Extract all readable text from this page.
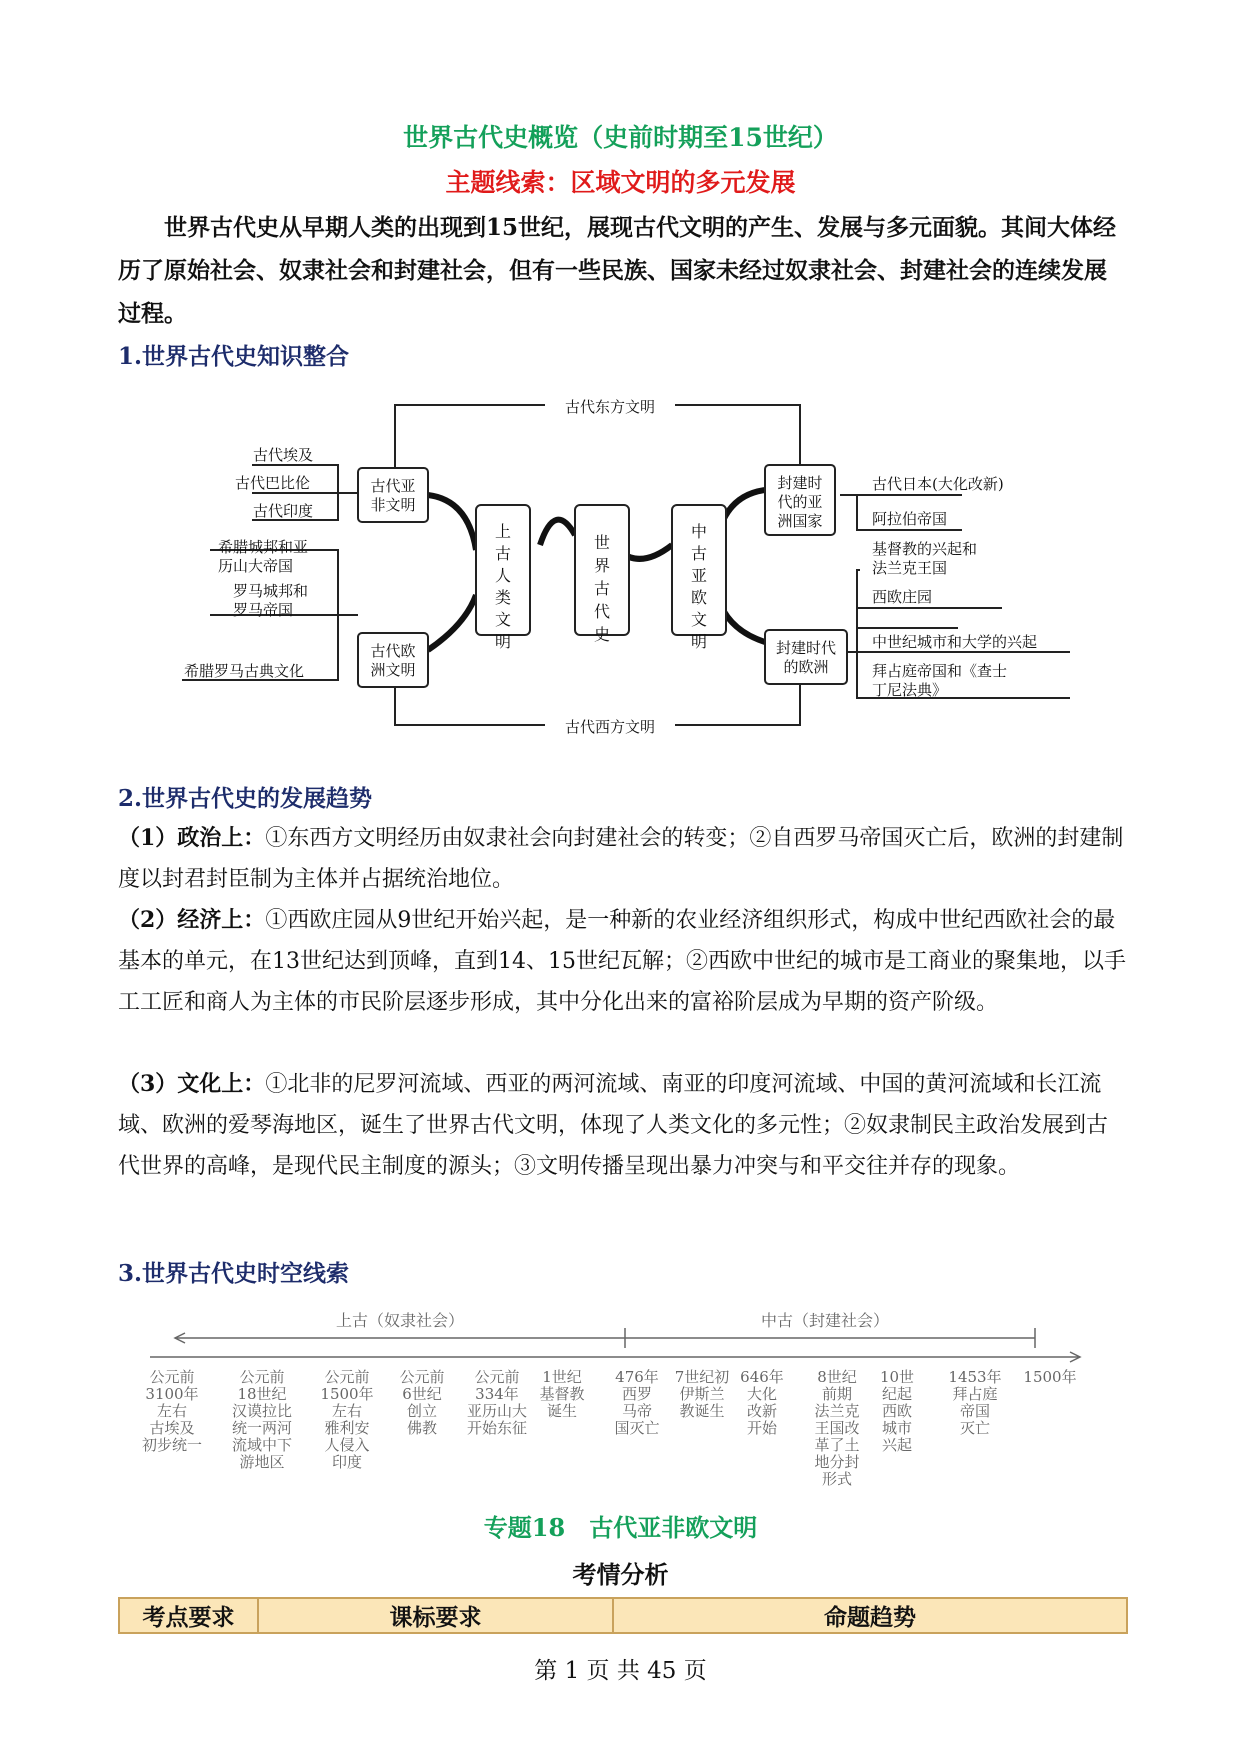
世界古代史概览（史前时期至15世纪）
主题线索：区域文明的多元发展
世界古代史从早期人类的出现到15世纪，展现古代文明的产生、发展与多元面貌。其间大体经历了原始社会、奴隶社会和封建社会，但有一些民族、国家未经过奴隶社会、封建社会的连续发展过程。
1.世界古代史知识整合
古代东方文明
古代西方文明
古代亚
非文明
古代欧
洲文明
封建时
代的亚
洲国家
封建时代
的欧洲
古代埃及
古代巴比伦
古代印度
希腊城邦和亚
历山大帝国
罗马城邦和
罗马帝国
希腊罗马古典文化
古代日本(大化改新)
阿拉伯帝国
基督教的兴起和
法兰克王国
西欧庄园
中世纪城市和大学的兴起
拜占庭帝国和《查士
丁尼法典》
上
古
人
类
文
明
世
界
古
代
史
中
古
亚
欧
文
明
2.世界古代史的发展趋势
（1）政治上：①东西方文明经历由奴隶社会向封建社会的转变；②自西罗马帝国灭亡后，欧洲的封建制度以封君封臣制为主体并占据统治地位。
（2）经济上：①西欧庄园从9世纪开始兴起，是一种新的农业经济组织形式，构成中世纪西欧社会的最基本的单元，在13世纪达到顶峰，直到14、15世纪瓦解；②西欧中世纪的城市是工商业的聚集地，以手工工匠和商人为主体的市民阶层逐步形成，其中分化出来的富裕阶层成为早期的资产阶级。
（3）文化上：①北非的尼罗河流域、西亚的两河流域、南亚的印度河流域、中国的黄河流域和长江流域、欧洲的爱琴海地区，诞生了世界古代文明，体现了人类文化的多元性；②奴隶制民主政治发展到古代世界的高峰，是现代民主制度的源头；③文明传播呈现出暴力冲突与和平交往并存的现象。
3.世界古代史时空线索
上古（奴隶社会）	中古（封建社会）
公元前
3100年
左右
古埃及
初步统一
公元前
18世纪
汉谟拉比
统一两河
流域中下
游地区
公元前
1500年
左右
雅利安
人侵入
印度
公元前
6世纪
创立
佛教
公元前
334年
亚历山大
开始东征
1世纪
基督教
诞生
476年
西罗
马帝
国灭亡
7世纪初
伊斯兰
教诞生
646年
大化
改新
开始
8世纪
前期
法兰克
王国改
革了土
地分封
形式
10世
纪起
西欧
城市
兴起
1453年
拜占庭
帝国
灭亡
1500年
专题18　古代亚非欧文明
考情分析
考点要求	课标要求	命题趋势
第 1 页 共 45 页
